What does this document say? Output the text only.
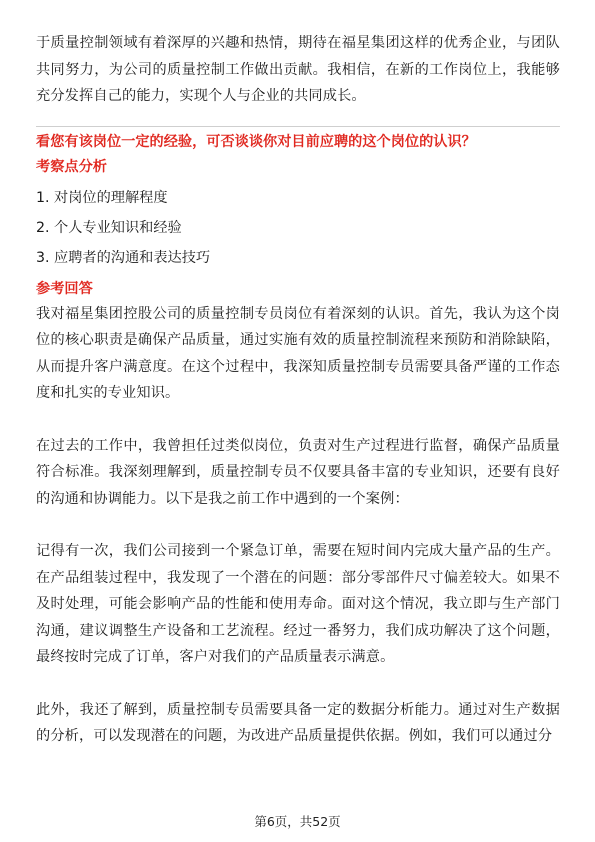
于质量控制领域有着深厚的兴趣和热情，期待在福星集团这样的优秀企业，与团队共同努力，为公司的质量控制工作做出贡献。我相信，在新的工作岗位上，我能够充分发挥自己的能力，实现个人与企业的共同成长。

看您有该岗位一定的经验，可否谈谈你对目前应聘的这个岗位的认识？

考察点分析

1. 对岗位的理解程度

2. 个人专业知识和经验

3. 应聘者的沟通和表达技巧

参考回答

我对福星集团控股公司的质量控制专员岗位有着深刻的认识。首先，我认为这个岗位的核心职责是确保产品质量，通过实施有效的质量控制流程来预防和消除缺陷，从而提升客户满意度。在这个过程中，我深知质量控制专员需要具备严谨的工作态度和扎实的专业知识。

在过去的工作中，我曾担任过类似岗位，负责对生产过程进行监督，确保产品质量符合标准。我深刻理解到，质量控制专员不仅要具备丰富的专业知识，还要有良好的沟通和协调能力。以下是我之前工作中遇到的一个案例：

记得有一次，我们公司接到一个紧急订单，需要在短时间内完成大量产品的生产。在产品组装过程中，我发现了一个潜在的问题：部分零部件尺寸偏差较大。如果不及时处理，可能会影响产品的性能和使用寿命。面对这个情况，我立即与生产部门沟通，建议调整生产设备和工艺流程。经过一番努力，我们成功解决了这个问题，最终按时完成了订单，客户对我们的产品质量表示满意。

此外，我还了解到，质量控制专员需要具备一定的数据分析能力。通过对生产数据的分析，可以发现潜在的问题，为改进产品质量提供依据。例如，我们可以通过分

第6页，共52页
